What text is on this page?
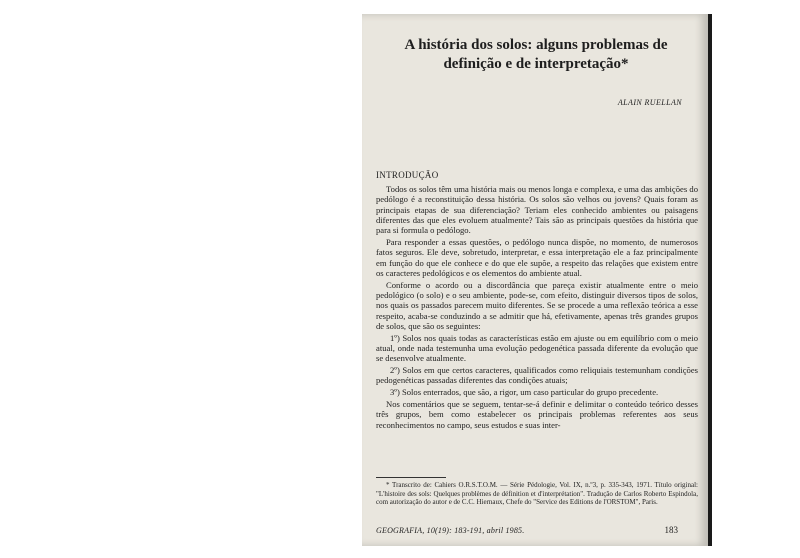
A história dos solos: alguns problemas de
definição e de interpretação*
ALAIN RUELLAN
INTRODUÇÃO

Todos os solos têm uma história mais ou menos longa e complexa, e uma das ambições do pedólogo é a reconstituição dessa história. Os solos são velhos ou jovens? Quais foram as principais etapas de sua diferenciação? Teriam eles conhecido ambientes ou paisagens diferentes das que eles evoluem atualmente? Tais são as principais questões da história que para si formula o pedólogo.

Para responder a essas questões, o pedólogo nunca dispõe, no momento, de numerosos fatos seguros. Ele deve, sobretudo, interpretar, e essa interpretação ele a faz principalmente em função do que ele conhece e do que ele supõe, a respeito das relações que existem entre os caracteres pedológicos e os elementos do ambiente atual.

Conforme o acordo ou a discordância que pareça existir atualmente entre o meio pedológico (o solo) e o seu ambiente, pode-se, com efeito, distinguir diversos tipos de solos, nos quais os passados parecem muito diferentes. Se se procede a uma reflexão teórica a esse respeito, acaba-se conduzindo a se admitir que há, efetivamente, apenas três grandes grupos de solos, que são os seguintes:

1º) Solos nos quais todas as características estão em ajuste ou em equilíbrio com o meio atual, onde nada testemunha uma evolução pedogenética passada diferente da evolução que se desenvolve atualmente.

2º) Solos em que certos caracteres, qualificados como reliquiais testemunham condições pedogenéticas passadas diferentes das condições atuais;

3º) Solos enterrados, que são, a rigor, um caso particular do grupo precedente.

Nos comentários que se seguem, tentar-se-á definir e delimitar o conteúdo teórico desses três grupos, bem como estabelecer os principais problemas referentes aos seus reconhecimentos no campo, seus estudos e suas inter-

* Transcrito de: Cahiers O.R.S.T.O.M. — Série Pédologie, Vol. IX, n.º3, p. 335-343, 1971. Título original: "L'histoire des sols: Quelques problèmes de définition et d'interprétation". Tradução de Carlos Roberto Espindola, com autorização do autor e de C.C. Hiernaux, Chefe do "Service des Editions de l'ORSTOM", Paris.

GEOGRAFIA, 10(19): 183-191, abril 1985.	183
